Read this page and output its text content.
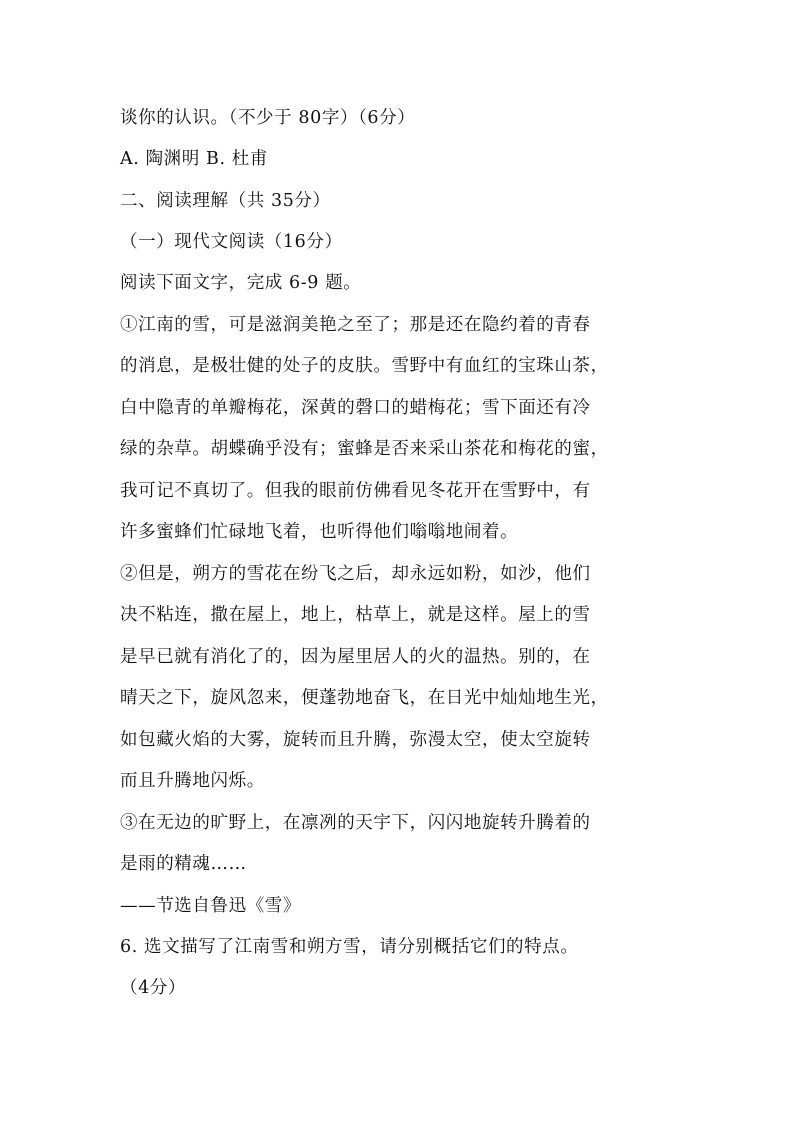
谈你的认识。（不少于 80字）（6分）
A. 陶渊明 B. 杜甫
二、阅读理解（共 35分）
（一）现代文阅读（16分）
阅读下面文字，完成 6-9 题。
①江南的雪，可是滋润美艳之至了；那是还在隐约着的青春
的消息，是极壮健的处子的皮肤。雪野中有血红的宝珠山茶，
白中隐青的单瓣梅花，深黄的磬口的蜡梅花；雪下面还有冷
绿的杂草。胡蝶确乎没有；蜜蜂是否来采山茶花和梅花的蜜，
我可记不真切了。但我的眼前仿佛看见冬花开在雪野中，有
许多蜜蜂们忙碌地飞着，也听得他们嗡嗡地闹着。
②但是，朔方的雪花在纷飞之后，却永远如粉，如沙，他们
决不粘连，撒在屋上，地上，枯草上，就是这样。屋上的雪
是早已就有消化了的，因为屋里居人的火的温热。别的，在
晴天之下，旋风忽来，便蓬勃地奋飞，在日光中灿灿地生光，
如包藏火焰的大雾，旋转而且升腾，弥漫太空，使太空旋转
而且升腾地闪烁。
③在无边的旷野上，在凛冽的天宇下，闪闪地旋转升腾着的
是雨的精魂……
——节选自鲁迅《雪》
6. 选文描写了江南雪和朔方雪，请分别概括它们的特点。
（4分）
